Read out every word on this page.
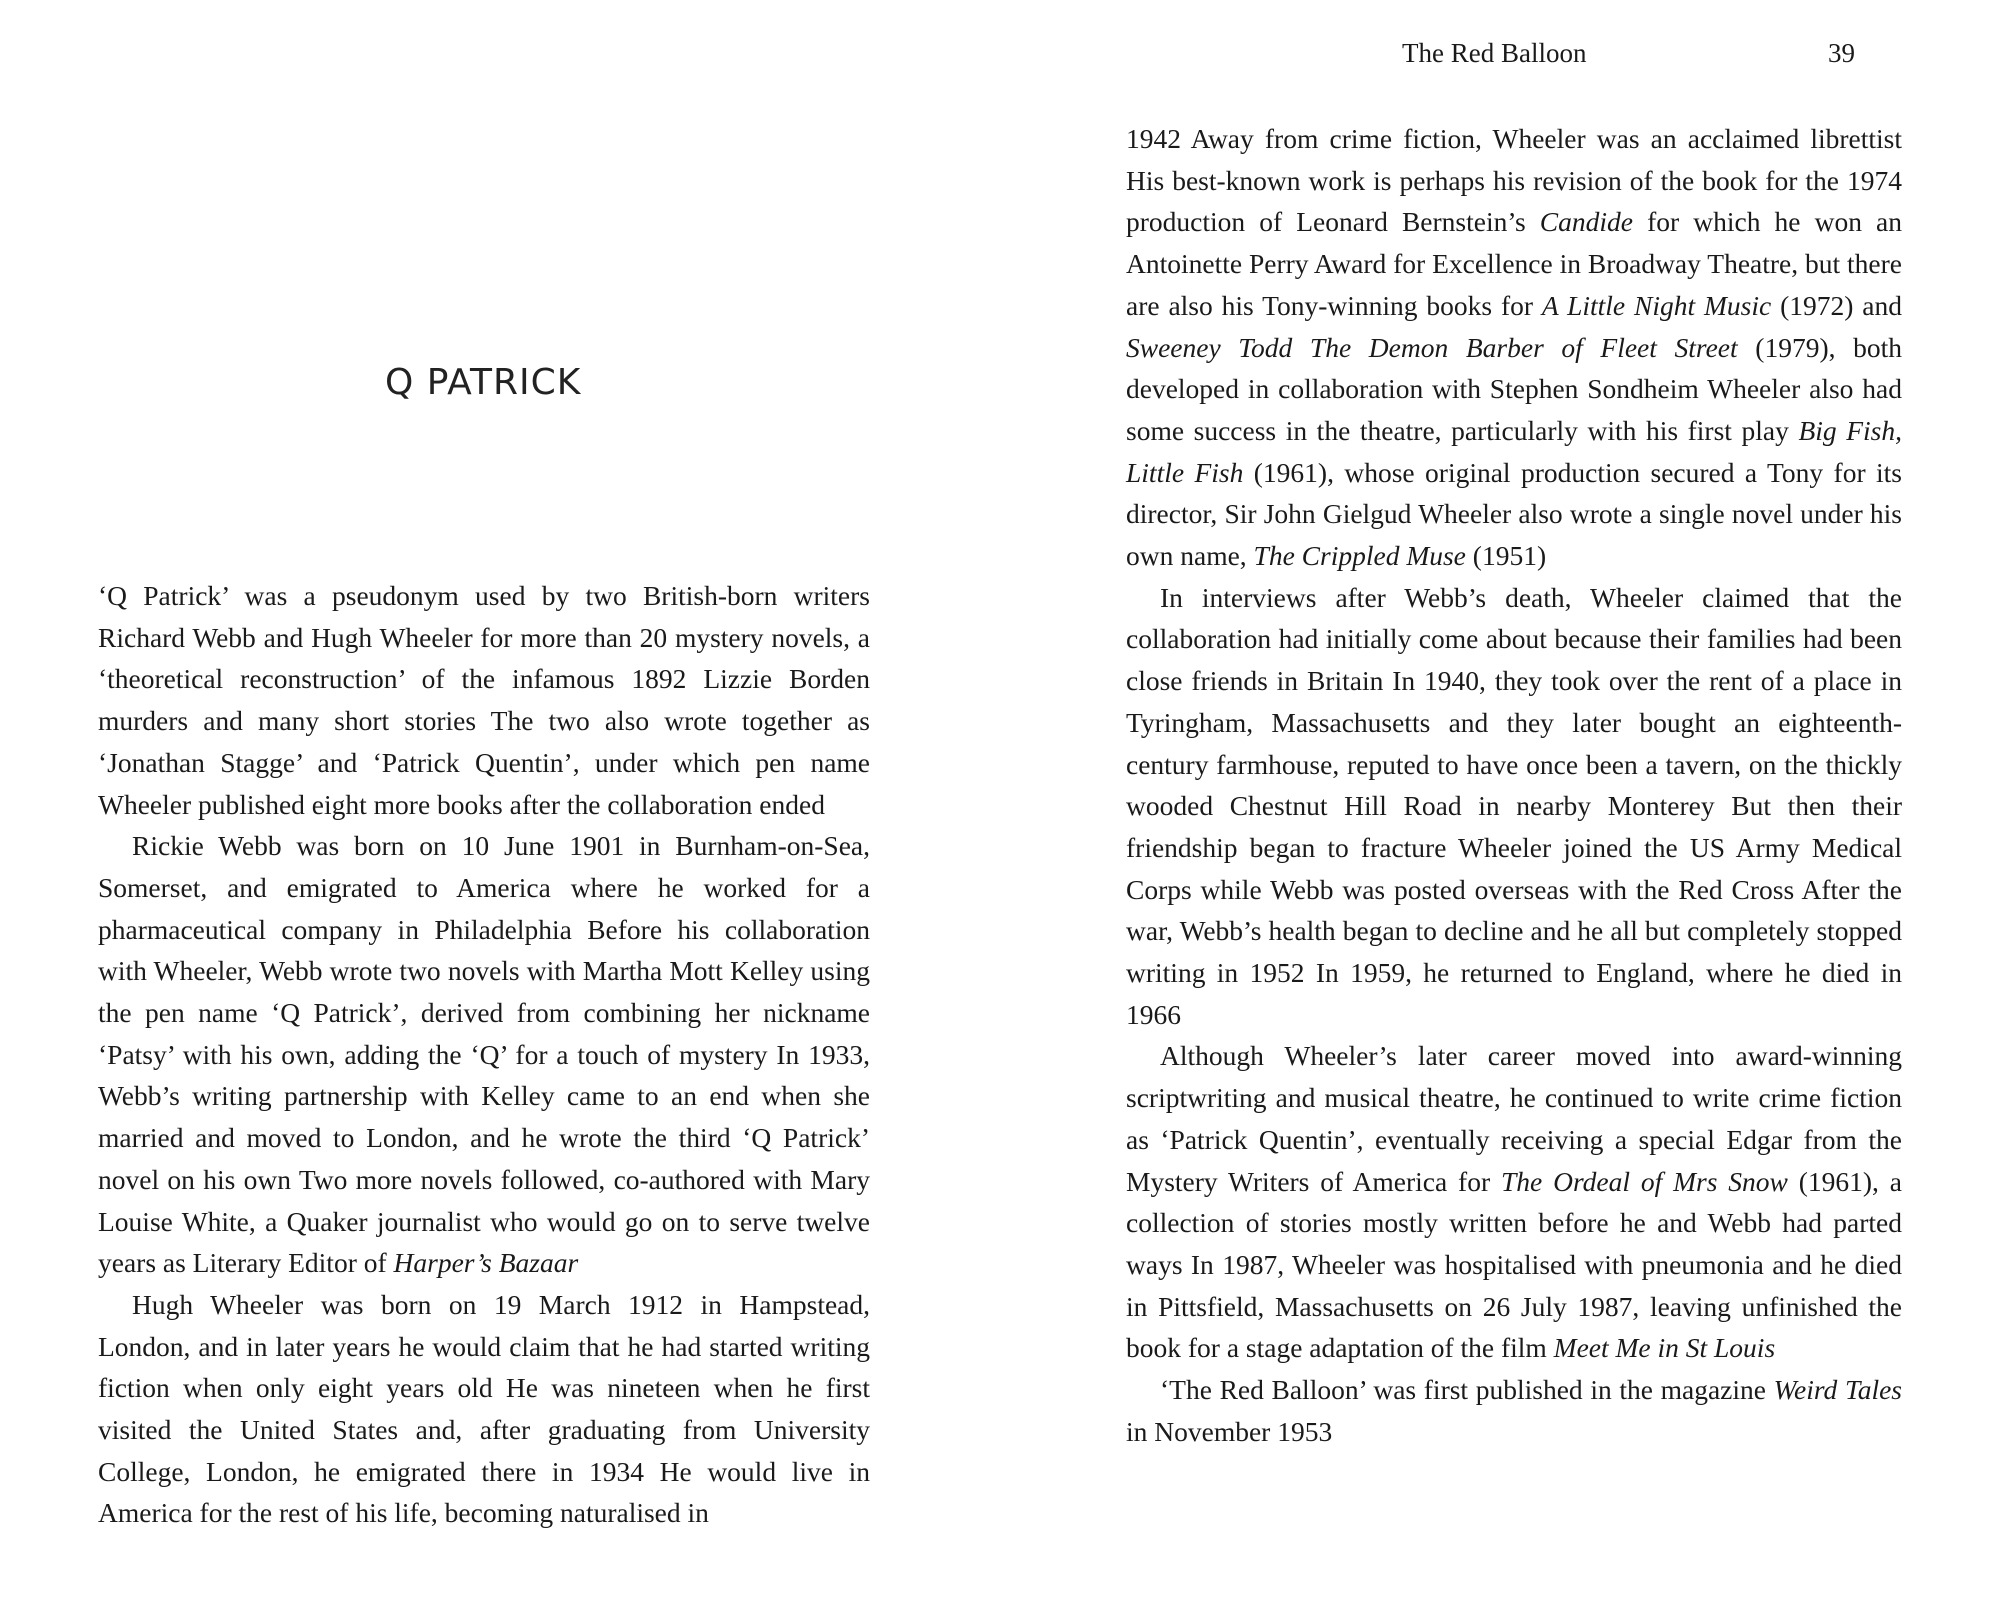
Q PATRICK

‘Q Patrick’ was a pseudonym used by two British-born writers Richard Webb and Hugh Wheeler for more than 20 mystery novels, a ‘theoretical reconstruction’ of the infamous 1892 Lizzie Borden murders and many short stories The two also wrote together as ‘Jonathan Stagge’ and ‘Patrick Quentin’, under which pen name Wheeler published eight more books after the collaboration ended

Rickie Webb was born on 10 June 1901 in Burnham-on-Sea, Somerset, and emigrated to America where he worked for a pharmaceutical company in Philadelphia Before his collaboration with Wheeler, Webb wrote two novels with Martha Mott Kelley using the pen name ‘Q Patrick’, derived from combining her nickname ‘Patsy’ with his own, adding the ‘Q’ for a touch of mystery In 1933, Webb’s writing partnership with Kelley came to an end when she married and moved to London, and he wrote the third ‘Q Patrick’ novel on his own Two more novels followed, co-authored with Mary Louise White, a Quaker journalist who would go on to serve twelve years as Literary Editor of Harper’s Bazaar

Hugh Wheeler was born on 19 March 1912 in Hampstead, London, and in later years he would claim that he had started writing fiction when only eight years old He was nineteen when he first visited the United States and, after graduating from University College, London, he emigrated there in 1934 He would live in America for the rest of his life, becoming naturalised in

The Red Balloon	39

1942 Away from crime fiction, Wheeler was an acclaimed librettist His best-known work is perhaps his revision of the book for the 1974 production of Leonard Bernstein’s Candide for which he won an Antoinette Perry Award for Excellence in Broadway Theatre, but there are also his Tony-winning books for A Little Night Music (1972) and Sweeney Todd The Demon Barber of Fleet Street (1979), both developed in collaboration with Stephen Sondheim Wheeler also had some success in the theatre, particularly with his first play Big Fish, Little Fish (1961), whose original production secured a Tony for its director, Sir John Gielgud Wheeler also wrote a single novel under his own name, The Crippled Muse (1951)

In interviews after Webb’s death, Wheeler claimed that the collaboration had initially come about because their families had been close friends in Britain In 1940, they took over the rent of a place in Tyringham, Massachusetts and they later bought an eighteenth-century farmhouse, reputed to have once been a tavern, on the thickly wooded Chestnut Hill Road in nearby Monterey But then their friendship began to fracture Wheeler joined the US Army Medical Corps while Webb was posted overseas with the Red Cross After the war, Webb’s health began to decline and he all but completely stopped writing in 1952 In 1959, he returned to England, where he died in 1966

Although Wheeler’s later career moved into award-winning scriptwriting and musical theatre, he continued to write crime fiction as ‘Patrick Quentin’, eventually receiving a special Edgar from the Mystery Writers of America for The Ordeal of Mrs Snow (1961), a collection of stories mostly written before he and Webb had parted ways In 1987, Wheeler was hospitalised with pneumonia and he died in Pittsfield, Massachusetts on 26 July 1987, leaving unfinished the book for a stage adaptation of the film Meet Me in St Louis

‘The Red Balloon’ was first published in the magazine Weird Tales in November 1953
